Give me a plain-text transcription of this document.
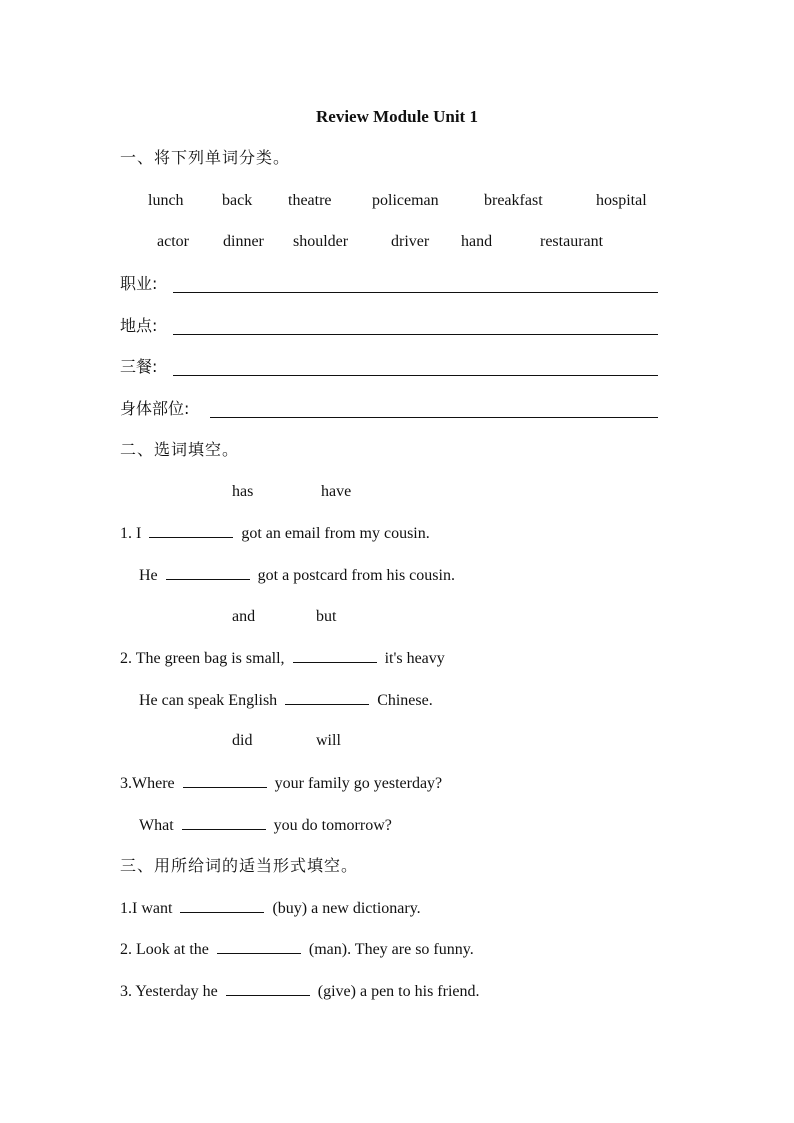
Review Module Unit 1
一、将下列单词分类。
lunch back theatre	policeman	breakfast	hospital
actor dinner shoulder	driver hand	restaurant
职业:
地点:
三餐:
身体部位:
二、选词填空。
has	have
1. I	got an email from my cousin.
He	got a postcard from his cousin.
and	but
2. The green bag is small,	it's heavy
He can speak English	Chinese.
did	will
3.Where	your family go yesterday?
What	you do tomorrow?
三、用所给词的适当形式填空。
1.I want	(buy) a new dictionary.
2. Look at the	(man). They are so funny.
3. Yesterday he	(give) a pen to his friend.
